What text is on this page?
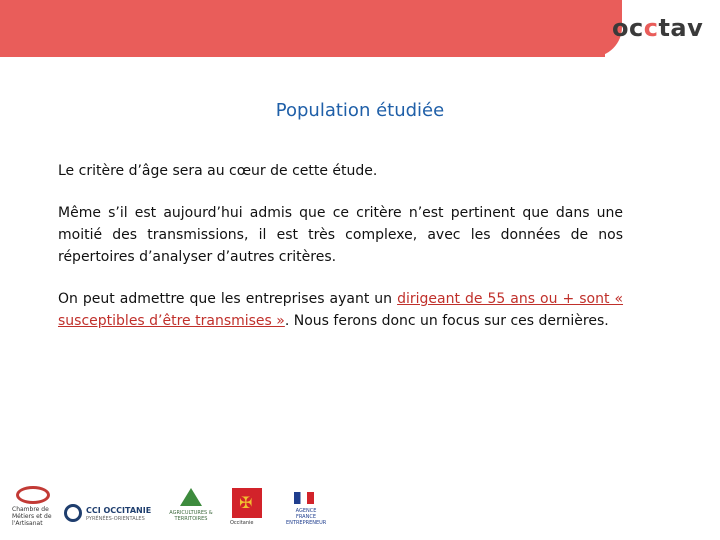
occtav
Population étudiée

Le critère d’âge sera au cœur de cette étude.

Même s’il est aujourd’hui admis que ce critère n’est pertinent que dans une moitié des transmissions, il est très complexe, avec les données de nos répertoires d’analyser d’autres critères.

On peut admettre que les entreprises ayant un dirigeant de 55 ans ou + sont « susceptibles d’être transmises ». Nous ferons donc un focus sur ces dernières.

Chambre de Métiers et de l'Artisanat
CCI OCCITANIE
PYRÉNÉES-ORIENTALES
AGRICULTURES & TERRITOIRES
✠
Occitanie
AGENCE FRANCE ENTREPRENEUR
